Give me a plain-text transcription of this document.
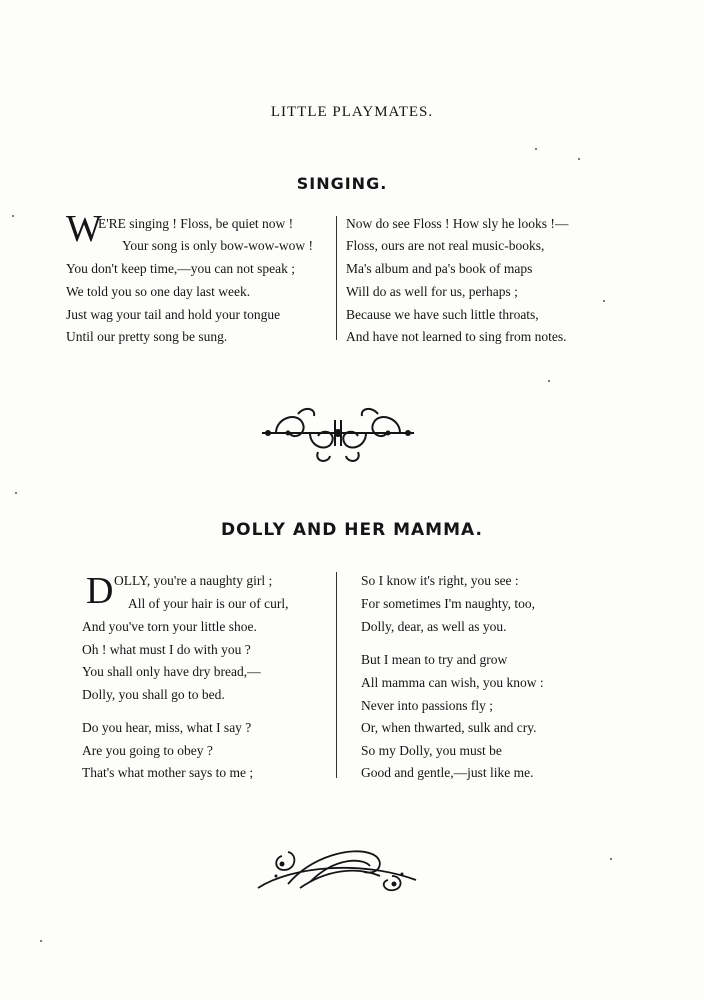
LITTLE PLAYMATES.
SINGING.
W
E'RE singing ! Floss, be quiet now !
Your song is only bow-wow-wow !
You don't keep time,—you can not speak ;
We told you so one day last week.
Just wag your tail and hold your tongue
Until our pretty song be sung.
Now do see Floss ! How sly he looks !—
Floss, ours are not real music-books,
Ma's album and pa's book of maps
Will do as well for us, perhaps ;
Because we have such little throats,
And have not learned to sing from notes.
DOLLY AND HER MAMMA.
D OLLY, you're a naughty girl ;
All of your hair is our of curl,
And you've torn your little shoe.
Oh ! what must I do with you ?
You shall only have dry bread,—
Dolly, you shall go to bed.
Do you hear, miss, what I say ?
Are you going to obey ?
That's what mother says to me ;
So I know it's right, you see :
For sometimes I'm naughty, too,
Dolly, dear, as well as you.
But I mean to try and grow
All mamma can wish, you know :
Never into passions fly ;
Or, when thwarted, sulk and cry.
So my Dolly, you must be
Good and gentle,—just like me.
